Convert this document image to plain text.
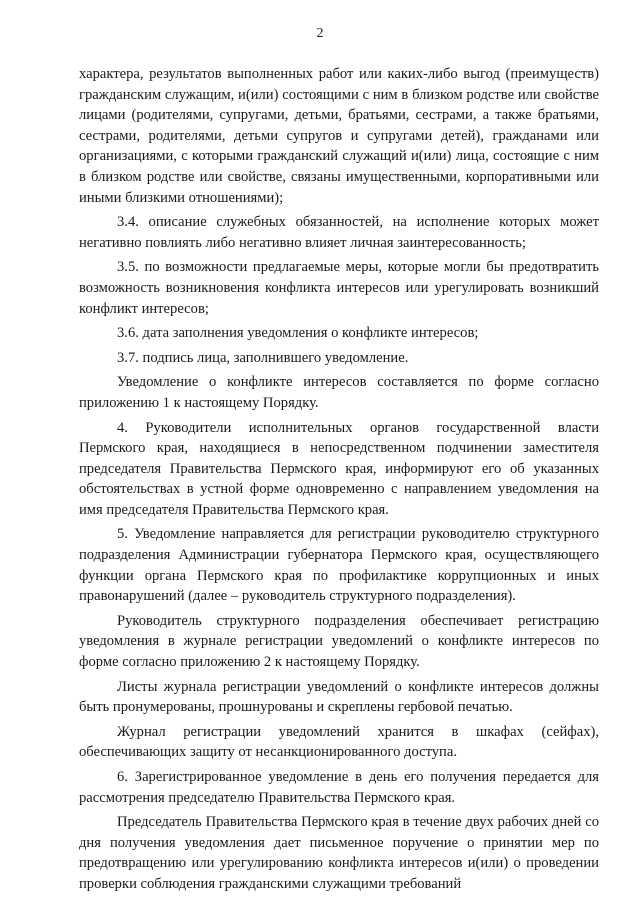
2

характера, результатов выполненных работ или каких-либо выгод (преимуществ) гражданским служащим, и(или) состоящими с ним в близком родстве или свойстве лицами (родителями, супругами, детьми, братьями, сестрами, а также братьями, сестрами, родителями, детьми супругов и супругами детей), гражданами или организациями, с которыми гражданский служащий и(или) лица, состоящие с ним в близком родстве или свойстве, связаны имущественными, корпоративными или иными близкими отношениями);

3.4. описание служебных обязанностей, на исполнение которых может негативно повлиять либо негативно влияет личная заинтересованность;

3.5. по возможности предлагаемые меры, которые могли бы предотвратить возможность возникновения конфликта интересов или урегулировать возникший конфликт интересов;

3.6. дата заполнения уведомления о конфликте интересов;

3.7. подпись лица, заполнившего уведомление.

Уведомление о конфликте интересов составляется по форме согласно приложению 1 к настоящему Порядку.

4. Руководители исполнительных органов государственной власти Пермского края, находящиеся в непосредственном подчинении заместителя председателя Правительства Пермского края, информируют его об указанных обстоятельствах в устной форме одновременно с направлением уведомления на имя председателя Правительства Пермского края.

5. Уведомление направляется для регистрации руководителю структурного подразделения Администрации губернатора Пермского края, осуществляющего функции органа Пермского края по профилактике коррупционных и иных правонарушений (далее – руководитель структурного подразделения).

Руководитель структурного подразделения обеспечивает регистрацию уведомления в журнале регистрации уведомлений о конфликте интересов по форме согласно приложению 2 к настоящему Порядку.

Листы журнала регистрации уведомлений о конфликте интересов должны быть пронумерованы, прошнурованы и скреплены гербовой печатью.

Журнал регистрации уведомлений хранится в шкафах (сейфах), обеспечивающих защиту от несанкционированного доступа.

6. Зарегистрированное уведомление в день его получения передается для рассмотрения председателю Правительства Пермского края.

Председатель Правительства Пермского края в течение двух рабочих дней со дня получения уведомления дает письменное поручение о принятии мер по предотвращению или урегулированию конфликта интересов и(или) о проведении проверки соблюдения гражданскими служащими требований
